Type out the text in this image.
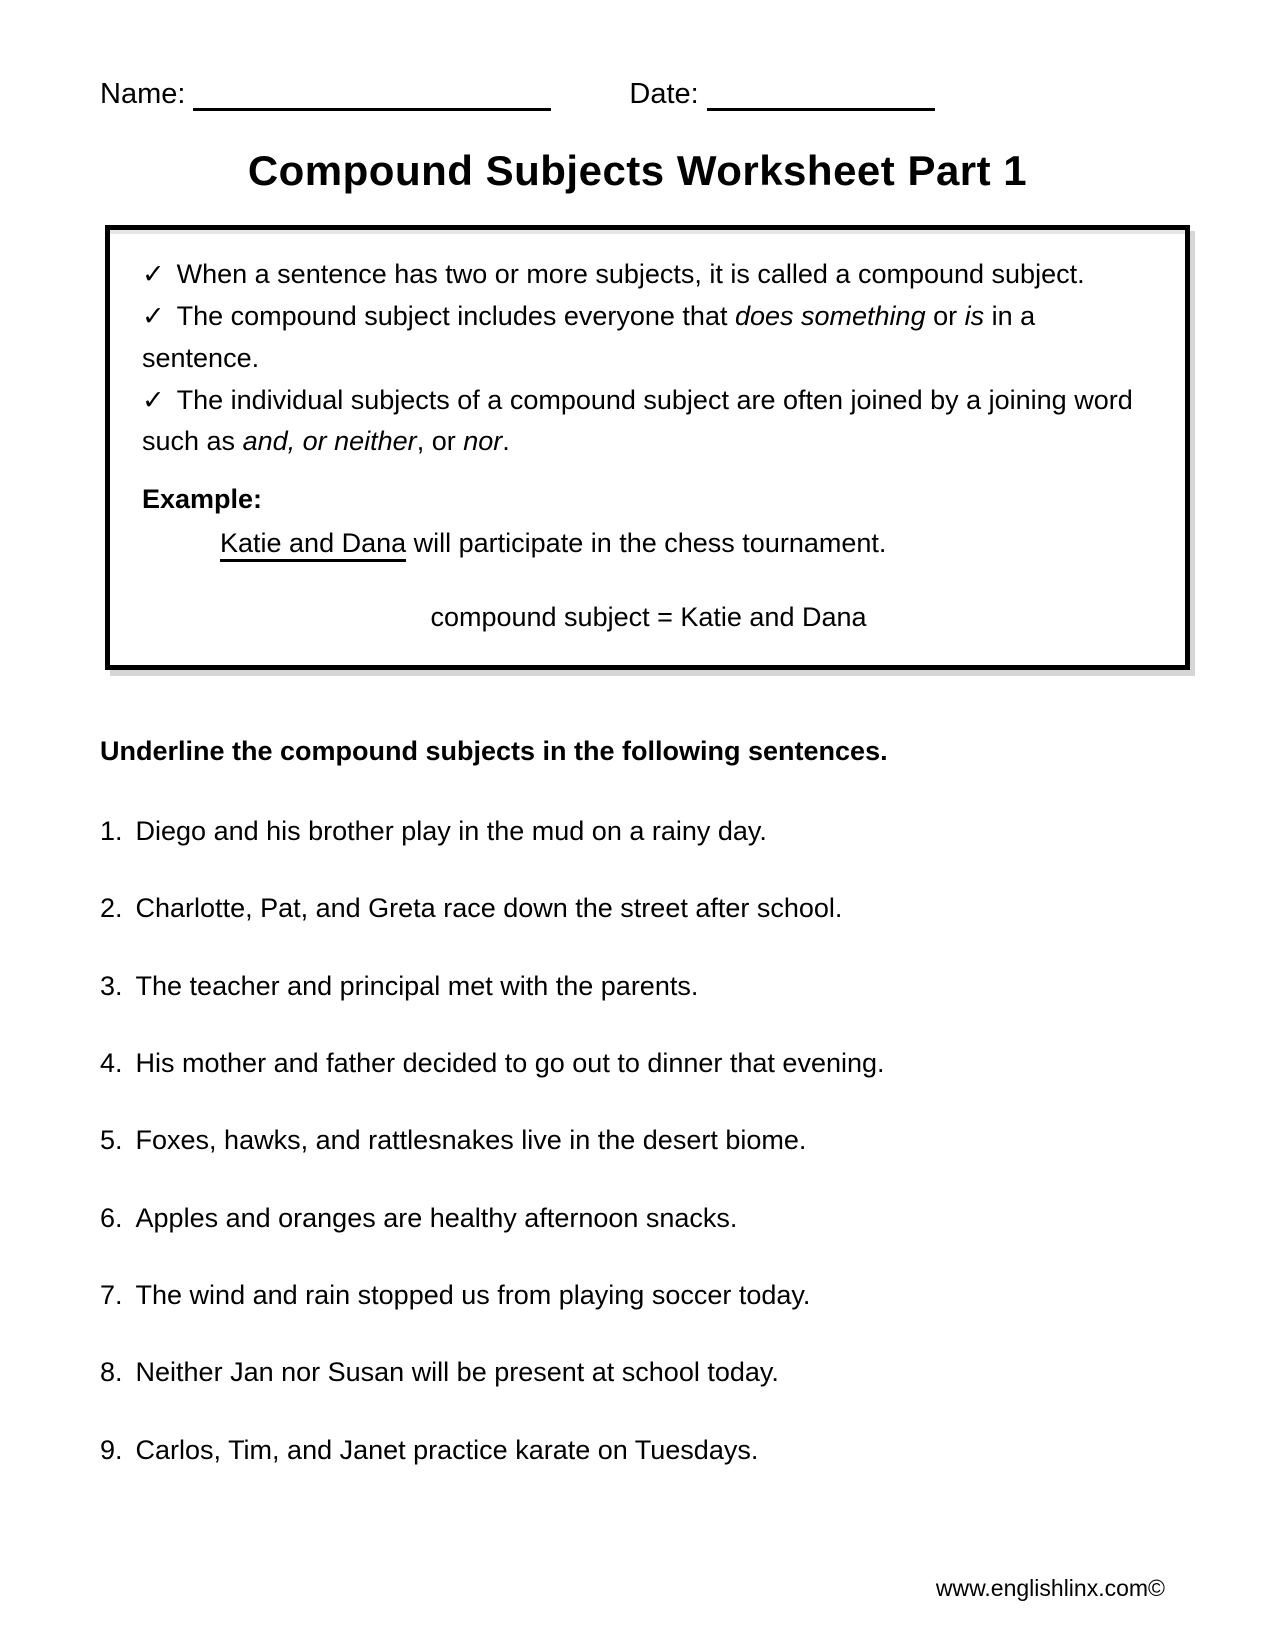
Name:	Date:
Compound Subjects Worksheet Part 1

✓ When a sentence has two or more subjects, it is called a compound subject.

✓ The compound subject includes everyone that does something or is in a sentence.

✓ The individual subjects of a compound subject are often joined by a joining word such as and, or neither, or nor.

Example:
Katie and Dana will participate in the chess tournament.
compound subject = Katie and Dana
Underline the compound subjects in the following sentences.
1. Diego and his brother play in the mud on a rainy day.
2. Charlotte, Pat, and Greta race down the street after school.
3. The teacher and principal met with the parents.
4. His mother and father decided to go out to dinner that evening.
5. Foxes, hawks, and rattlesnakes live in the desert biome.
6. Apples and oranges are healthy afternoon snacks.
7. The wind and rain stopped us from playing soccer today.
8. Neither Jan nor Susan will be present at school today.
9. Carlos, Tim, and Janet practice karate on Tuesdays.
www.englishlinx.com©
